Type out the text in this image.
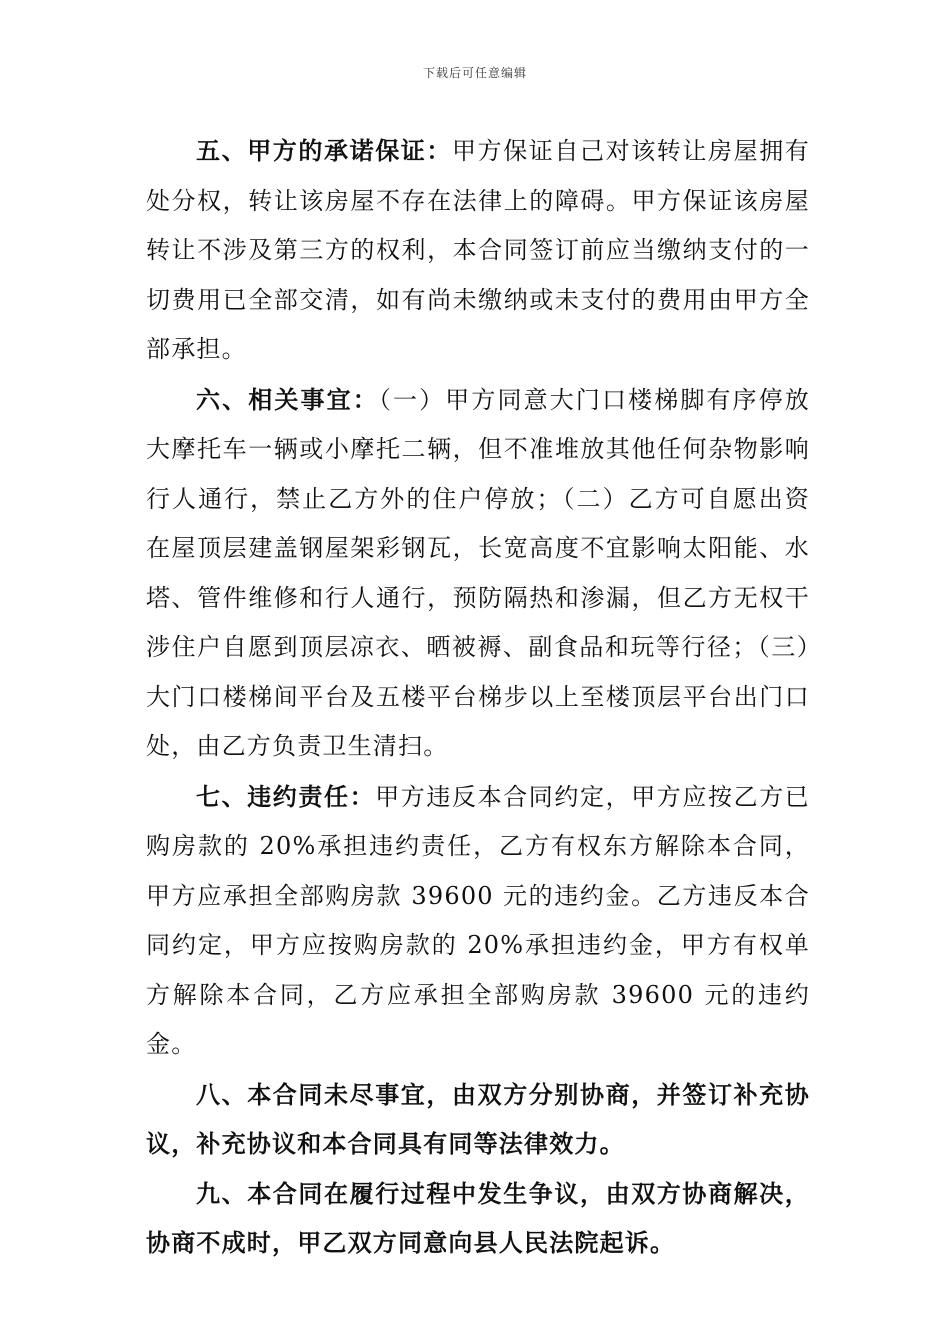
下载后可任意编辑

五、甲方的承诺保证：甲方保证自己对该转让房屋拥有处分权，转让该房屋不存在法律上的障碍。甲方保证该房屋转让不涉及第三方的权利，本合同签订前应当缴纳支付的一切费用已全部交清，如有尚未缴纳或未支付的费用由甲方全部承担。

六、相关事宜：（一）甲方同意大门口楼梯脚有序停放大摩托车一辆或小摩托二辆，但不准堆放其他任何杂物影响行人通行，禁止乙方外的住户停放；（二）乙方可自愿出资在屋顶层建盖钢屋架彩钢瓦，长宽高度不宜影响太阳能、水塔、管件维修和行人通行，预防隔热和渗漏，但乙方无权干涉住户自愿到顶层凉衣、晒被褥、副食品和玩等行径；（三）大门口楼梯间平台及五楼平台梯步以上至楼顶层平台出门口处，由乙方负责卫生清扫。

七、违约责任：甲方违反本合同约定，甲方应按乙方已购房款的 20%承担违约责任，乙方有权东方解除本合同，甲方应承担全部购房款 39600 元的违约金。乙方违反本合同约定，甲方应按购房款的 20%承担违约金，甲方有权单方解除本合同，乙方应承担全部购房款 39600 元的违约金。

八、本合同未尽事宜，由双方分别协商，并签订补充协议，补充协议和本合同具有同等法律效力。

九、本合同在履行过程中发生争议，由双方协商解决，协商不成时，甲乙双方同意向县人民法院起诉。
